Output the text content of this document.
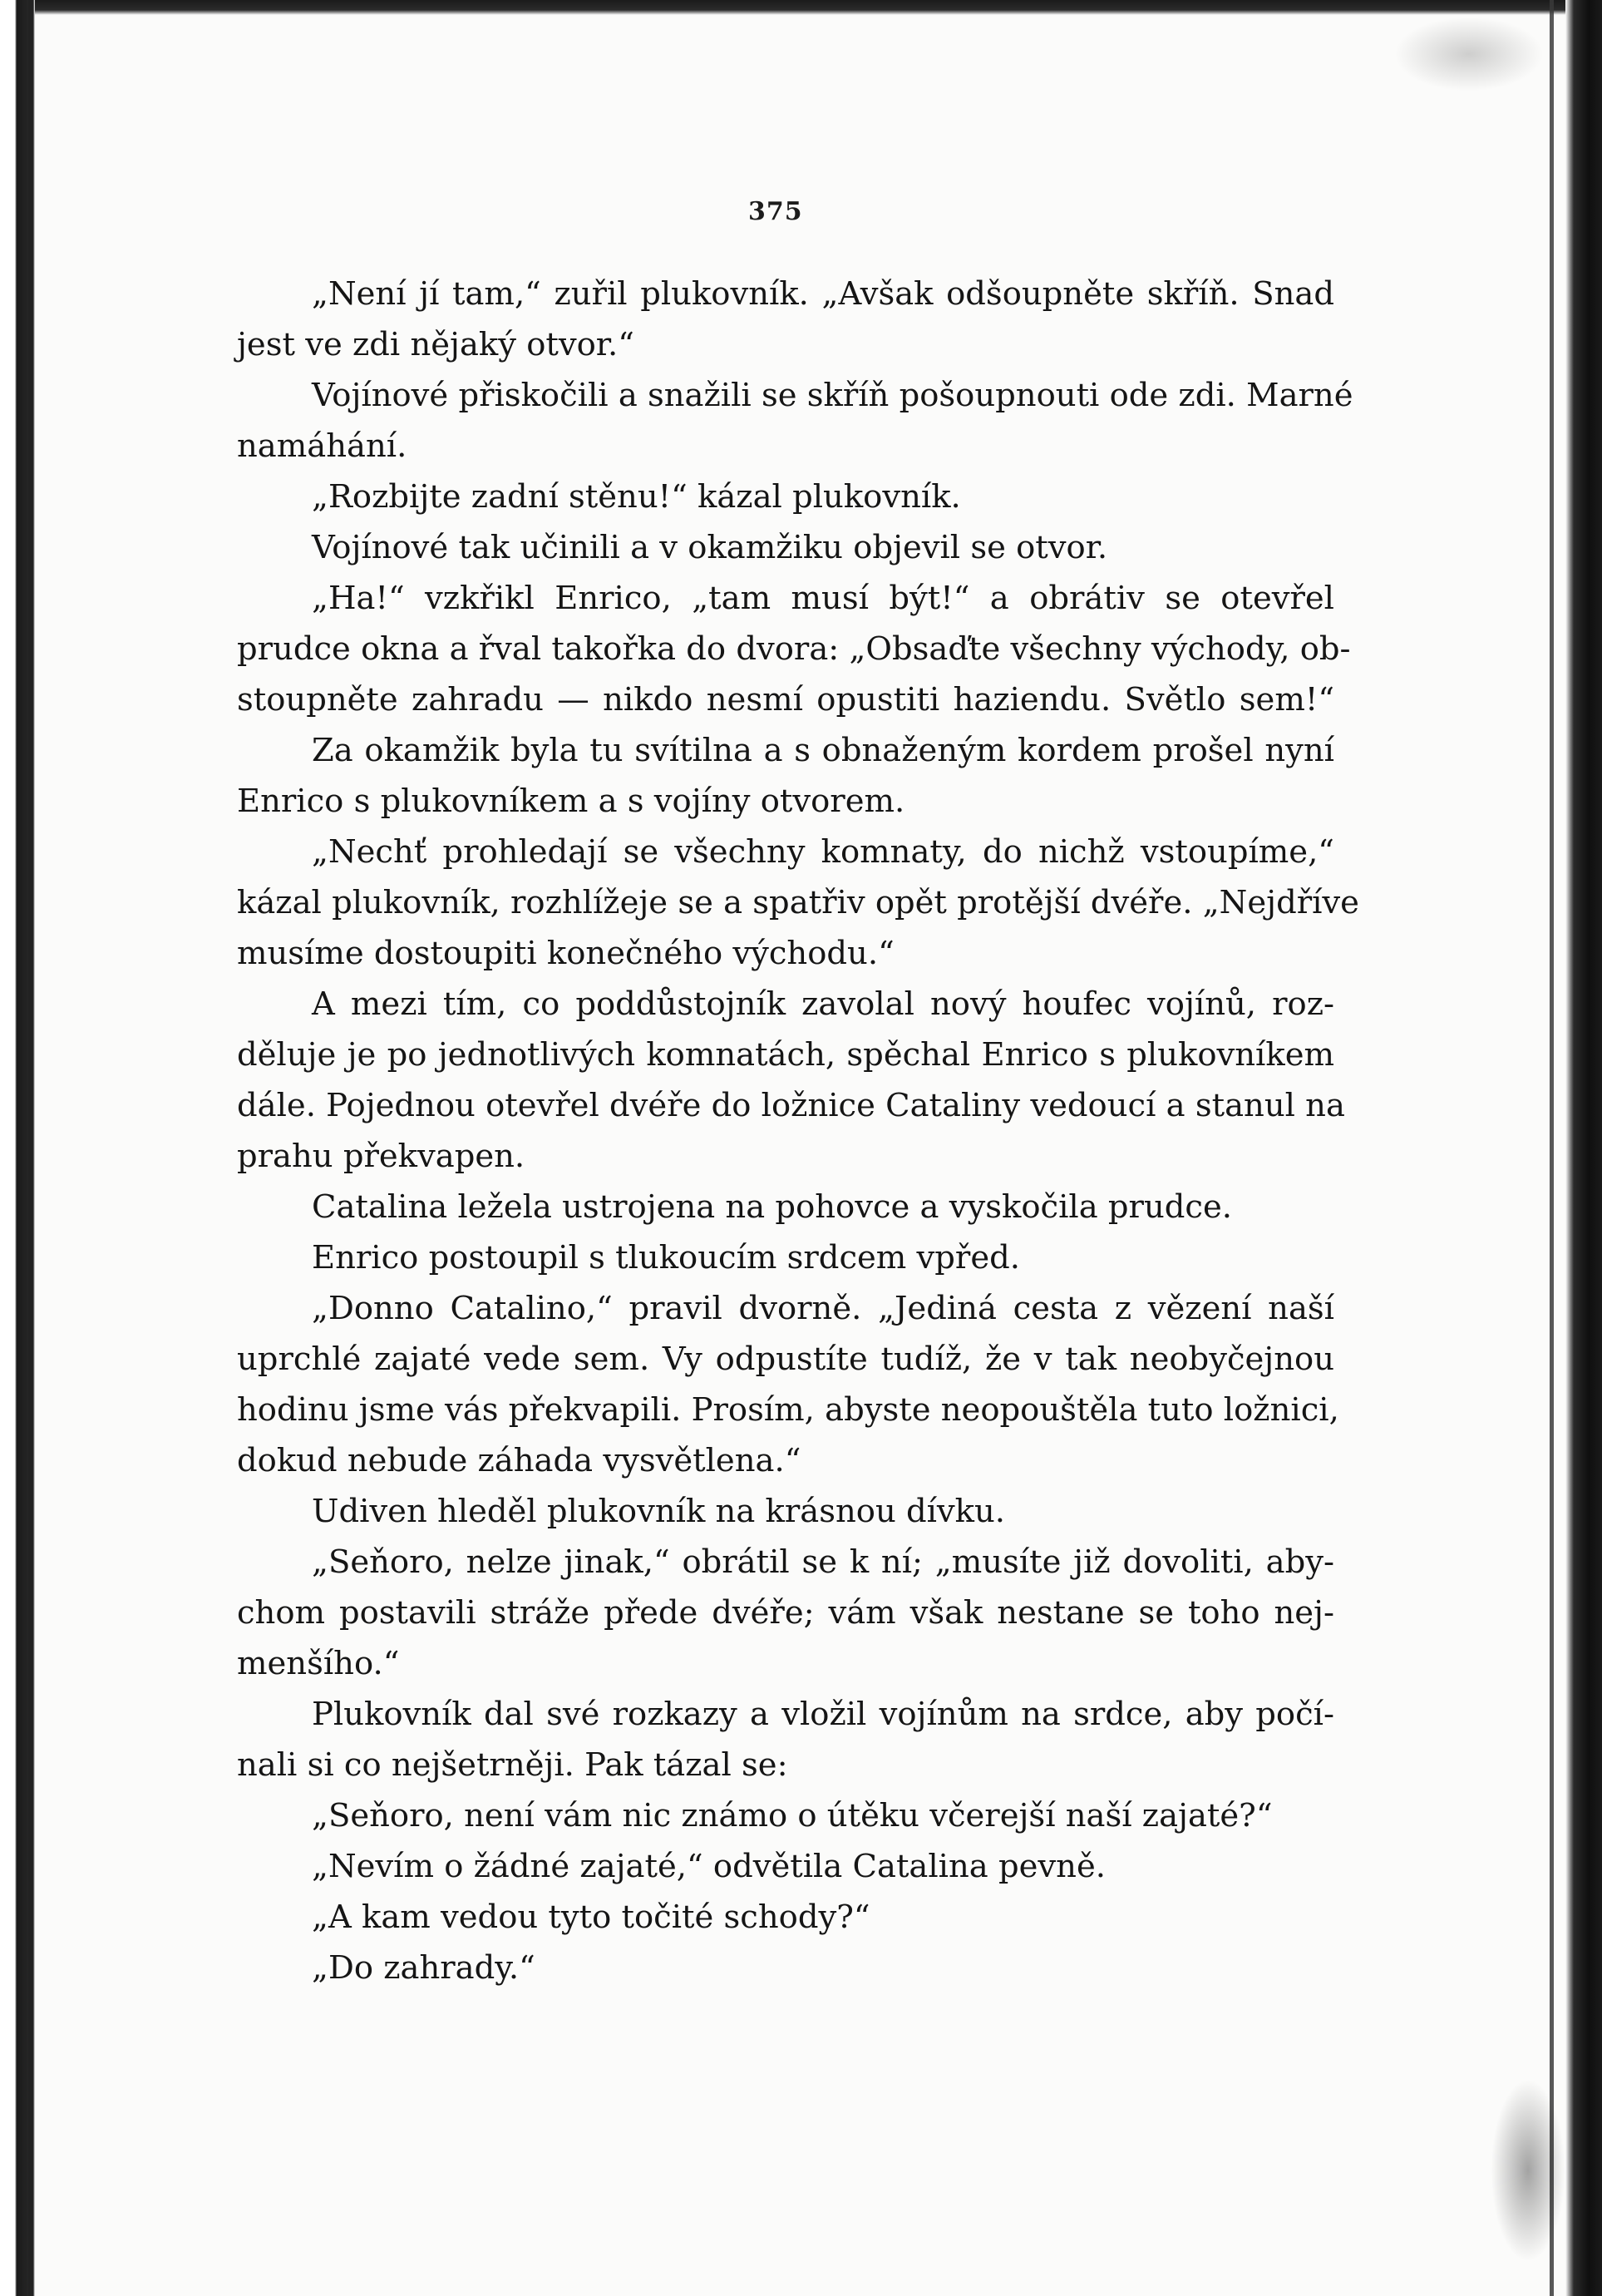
375
„Není jí tam,“ zuřil plukovník. „Avšak odšoupněte skříň. Snad
jest ve zdi nějaký otvor.“
Vojínové přiskočili a snažili se skříň pošoupnouti ode zdi. Marné
namáhání.
„Rozbijte zadní stěnu!“ kázal plukovník.
Vojínové tak učinili a v okamžiku objevil se otvor.
„Ha!“ vzkřikl Enrico, „tam musí být!“ a obrátiv se otevřel
prudce okna a řval takořka do dvora: „Obsaďte všechny východy, ob-
stoupněte zahradu — nikdo nesmí opustiti haziendu. Světlo sem!“
Za okamžik byla tu svítilna a s obnaženým kordem prošel nyní
Enrico s plukovníkem a s vojíny otvorem.
„Nechť prohledají se všechny komnaty, do nichž vstoupíme,“
kázal plukovník, rozhlížeje se a spatřiv opět protější dvéře. „Nejdříve
musíme dostoupiti konečného východu.“
A mezi tím, co poddůstojník zavolal nový houfec vojínů, roz-
děluje je po jednotlivých komnatách, spěchal Enrico s plukovníkem
dále. Pojednou otevřel dvéře do ložnice Cataliny vedoucí a stanul na
prahu překvapen.
Catalina ležela ustrojena na pohovce a vyskočila prudce.
Enrico postoupil s tlukoucím srdcem vpřed.
„Donno Catalino,“ pravil dvorně. „Jediná cesta z vězení naší
uprchlé zajaté vede sem. Vy odpustíte tudíž, že v tak neobyčejnou
hodinu jsme vás překvapili. Prosím, abyste neopouštěla tuto ložnici,
dokud nebude záhada vysvětlena.“
Udiven hleděl plukovník na krásnou dívku.
„Seňoro, nelze jinak,“ obrátil se k ní; „musíte již dovoliti, aby-
chom postavili stráže přede dvéře; vám však nestane se toho nej-
menšího.“
Plukovník dal své rozkazy a vložil vojínům na srdce, aby počí-
nali si co nejšetrněji. Pak tázal se:
„Seňoro, není vám nic známo o útěku včerejší naší zajaté?“
„Nevím o žádné zajaté,“ odvětila Catalina pevně.
„A kam vedou tyto točité schody?“
„Do zahrady.“
